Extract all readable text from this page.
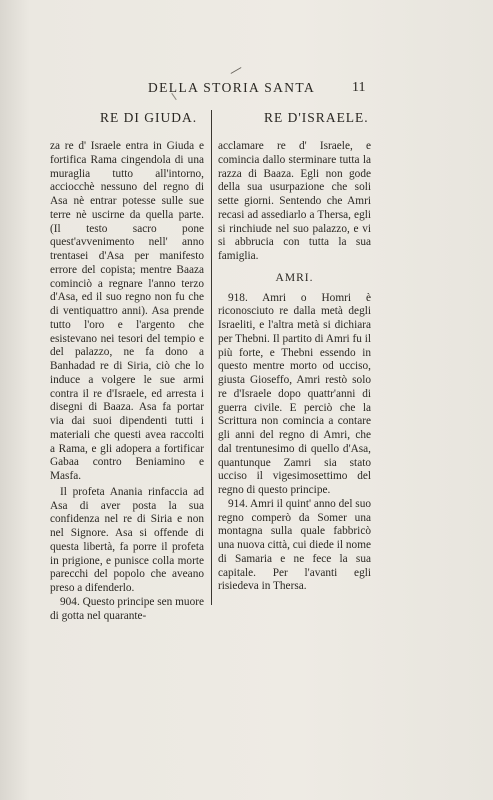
DELLA STORIA SANTA	11
RE DI GIUDA.	RE D'ISRAELE.

za re d' Israele entra in Giuda e fortifica Rama cingendola di una muraglia tutto all'intorno, acciocchè nessuno del regno di Asa nè entrar potesse sulle sue terre nè uscirne da quella parte. (Il testo sacro pone quest'avvenimento nell' anno trentasei d'Asa per manifesto errore del copista; mentre Baaza cominciò a regnare l'anno terzo d'Asa, ed il suo regno non fu che di ventiquattro anni). Asa prende tutto l'oro e l'argento che esistevano nei tesori del tempio e del palazzo, ne fa dono a Banhadad re di Siria, ciò che lo induce a volgere le sue armi contra il re d'Israele, ed arresta i disegni di Baaza. Asa fa portar via dai suoi dipendenti tutti i materiali che questi avea raccolti a Rama, e gli adopera a fortificar Gabaa contro Beniamino e Masfa.

Il profeta Anania rinfaccia ad Asa di aver posta la sua confidenza nel re di Siria e non nel Signore. Asa si offende di questa libertà, fa porre il profeta in prigione, e punisce colla morte parecchi del popolo che aveano preso a difenderlo.

904. Questo principe sen muore di gotta nel quarante-

acclamare re d' Israele, e comincia dallo sterminare tutta la razza di Baaza. Egli non gode della sua usurpazione che soli sette giorni. Sentendo che Amri recasi ad assediarlo a Thersa, egli si rinchiude nel suo palazzo, e vi si abbrucia con tutta la sua famiglia.

AMRI.

918. Amri o Homri è riconosciuto re dalla metà degli Israeliti, e l'altra metà si dichiara per Thebni. Il partito di Amri fu il più forte, e Thebni essendo in questo mentre morto od ucciso, giusta Gioseffo, Amri restò solo re d'Israele dopo quattr'anni di guerra civile. E perciò che la Scrittura non comincia a contare gli anni del regno di Amri, che dal trentunesimo di quello d'Asa, quantunque Zamri sia stato ucciso il vigesimosettimo del regno di questo principe.

914. Amri il quint' anno del suo regno comperò da Somer una montagna sulla quale fabbricò una nuova città, cui diede il nome di Samaria e ne fece la sua capitale. Per l'avanti egli risiedeva in Thersa.
